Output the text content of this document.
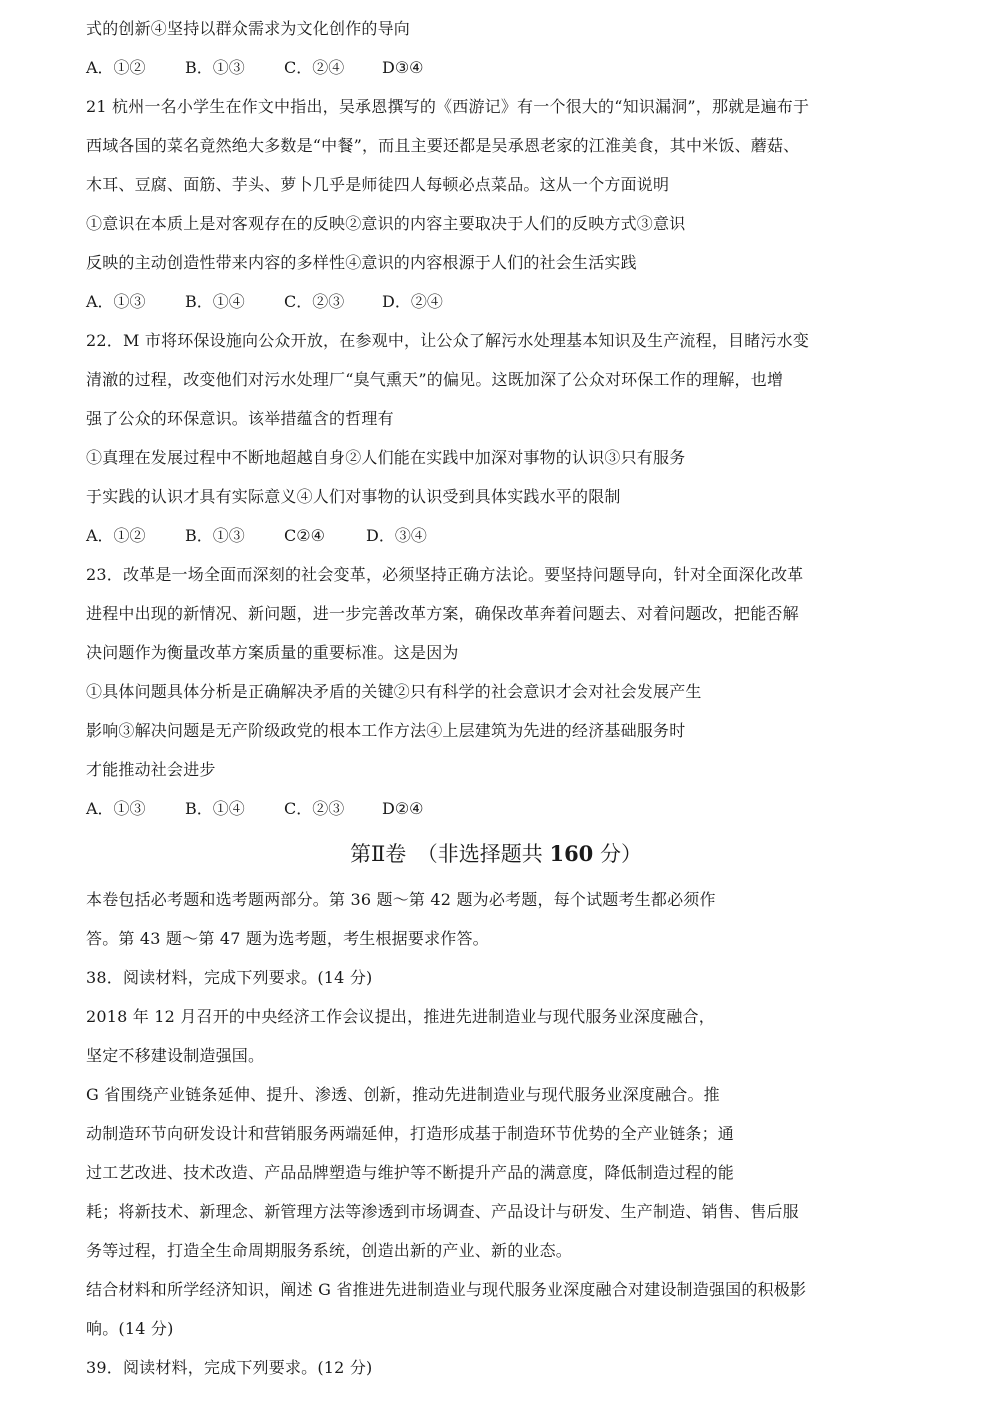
式的创新④坚持以群众需求为文化创作的导向
A．①② B．①③ C．②④ D③④
21 杭州一名小学生在作文中指出，吴承恩撰写的《西游记》有一个很大的“知识漏洞”，那就是遍布于
西域各国的菜名竟然绝大多数是“中餐”，而且主要还都是吴承恩老家的江淮美食，其中米饭、蘑菇、
木耳、豆腐、面筋、芋头、萝卜几乎是师徒四人每顿必点菜品。这从一个方面说明
①意识在本质上是对客观存在的反映②意识的内容主要取决于人们的反映方式③意识
反映的主动创造性带来内容的多样性④意识的内容根源于人们的社会生活实践
A．①③ B．①④ C．②③ D．②④
22．M 市将环保设施向公众开放，在参观中，让公众了解污水处理基本知识及生产流程，目睹污水变
清澈的过程，改变他们对污水处理厂“臭气熏天”的偏见。这既加深了公众对环保工作的理解，也增
强了公众的环保意识。该举措蕴含的哲理有
①真理在发展过程中不断地超越自身②人们能在实践中加深对事物的认识③只有服务
于实践的认识才具有实际意义④人们对事物的认识受到具体实践水平的限制
A．①② B．①③ C②④	D．③④
23．改革是一场全面而深刻的社会变革，必须坚持正确方法论。要坚持问题导向，针对全面深化改革
进程中出现的新情况、新问题，进一步完善改革方案，确保改革奔着问题去、对着问题改，把能否解
决问题作为衡量改革方案质量的重要标准。这是因为
①具体问题具体分析是正确解决矛盾的关键②只有科学的社会意识才会对社会发展产生
影响③解决问题是无产阶级政党的根本工作方法④上层建筑为先进的经济基础服务时
才能推动社会进步
A．①③ B．①④ C．②③ D②④
第Ⅱ卷　（非选择题共 160 分）
本卷包括必考题和选考题两部分。第 36 题～第 42 题为必考题，每个试题考生都必须作
答。第 43 题～第 47 题为选考题，考生根据要求作答。
38．阅读材料，完成下列要求。(14 分)
2018 年 12 月召开的中央经济工作会议提出，推进先进制造业与现代服务业深度融合，
坚定不移建设制造强国。
G 省围绕产业链条延伸、提升、渗透、创新，推动先进制造业与现代服务业深度融合。推
动制造环节向研发设计和营销服务两端延伸，打造形成基于制造环节优势的全产业链条；通
过工艺改进、技术改造、产品品牌塑造与维护等不断提升产品的满意度，降低制造过程的能
耗；将新技术、新理念、新管理方法等渗透到市场调查、产品设计与研发、生产制造、销售、售后服
务等过程，打造全生命周期服务系统，创造出新的产业、新的业态。
结合材料和所学经济知识，阐述 G 省推进先进制造业与现代服务业深度融合对建设制造强国的积极影
响。(14 分)
39．阅读材料，完成下列要求。(12 分)
